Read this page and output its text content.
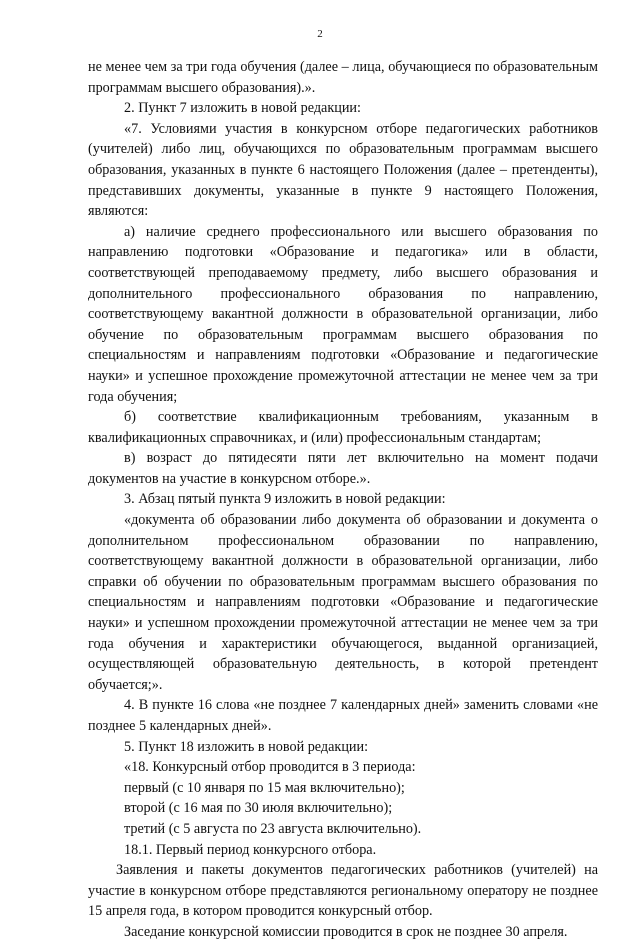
2

не менее чем за три года обучения (далее – лица, обучающиеся по образовательным программам высшего образования).».

2. Пункт 7 изложить в новой редакции:

«7. Условиями участия в конкурсном отборе педагогических работников (учителей) либо лиц, обучающихся по образовательным программам высшего образования, указанных в пункте 6 настоящего Положения (далее – претенденты), представивших документы, указанные в пункте 9 настоящего Положения, являются:

а) наличие среднего профессионального или высшего образования по направлению подготовки «Образование и педагогика» или в области, соответствующей преподаваемому предмету, либо высшего образования и дополнительного профессионального образования по направлению, соответствующему вакантной должности в образовательной организации, либо обучение по образовательным программам высшего образования по специальностям и направлениям подготовки «Образование и педагогические науки» и успешное прохождение промежуточной аттестации не менее чем за три года обучения;

б) соответствие квалификационным требованиям, указанным в квалификационных справочниках, и (или) профессиональным стандартам;

в) возраст до пятидесяти пяти лет включительно на момент подачи документов на участие в конкурсном отборе.».

3. Абзац пятый пункта 9 изложить в новой редакции:

«документа об образовании либо документа об образовании и документа о дополнительном профессиональном образовании по направлению, соответствующему вакантной должности в образовательной организации, либо справки об обучении по образовательным программам высшего образования по специальностям и направлениям подготовки «Образование и педагогические науки» и успешном прохождении промежуточной аттестации не менее чем за три года обучения и характеристики обучающегося, выданной организацией, осуществляющей образовательную деятельность, в которой претендент обучается;».

4. В пункте 16 слова «не позднее 7 календарных дней» заменить словами «не позднее 5 календарных дней».

5. Пункт 18 изложить в новой редакции:

«18. Конкурсный отбор проводится в 3 периода:

первый (с 10 января по 15 мая включительно);

второй (с 16 мая по 30 июля включительно);

третий (с 5 августа по 23 августа включительно).

18.1. Первый период конкурсного отбора.

Заявления и пакеты документов педагогических работников (учителей) на участие в конкурсном отборе представляются региональному оператору не позднее 15 апреля года, в котором проводится конкурсный отбор.

Заседание конкурсной комиссии проводится в срок не позднее 30 апреля.
